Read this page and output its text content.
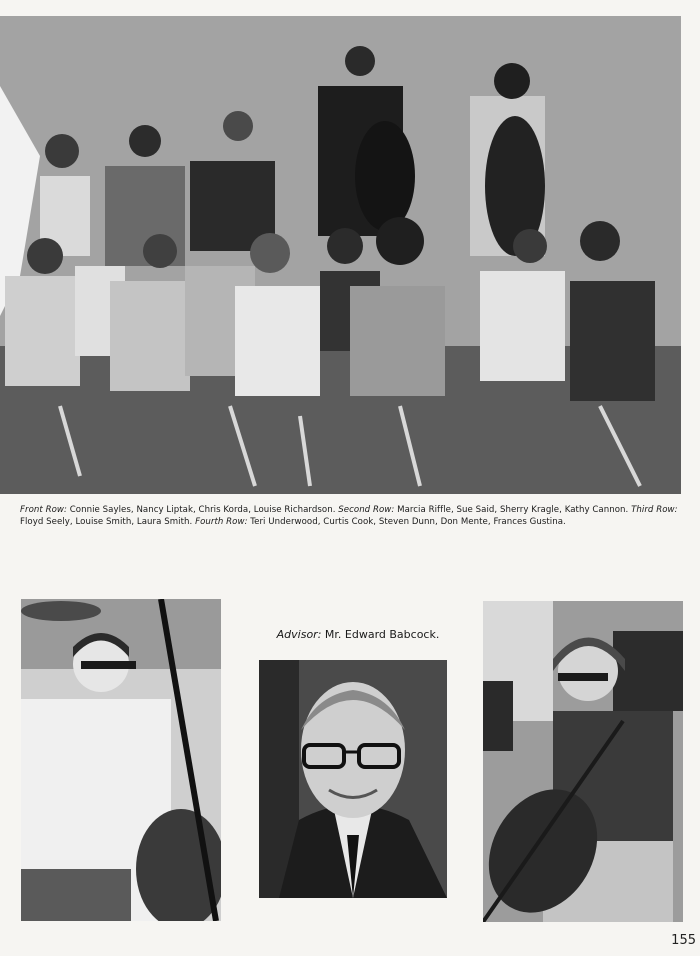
Front Row: Connie Sayles, Nancy Liptak, Chris Korda, Louise Richardson. Second Row: Marcia Riffle, Sue Said, Sherry Kragle, Kathy Cannon. Third Row: Floyd Seely, Louise Smith, Laura Smith. Fourth Row: Teri Underwood, Curtis Cook, Steven Dunn, Don Mente, Frances Gustina.
Advisor: Mr. Edward Babcock.
155
